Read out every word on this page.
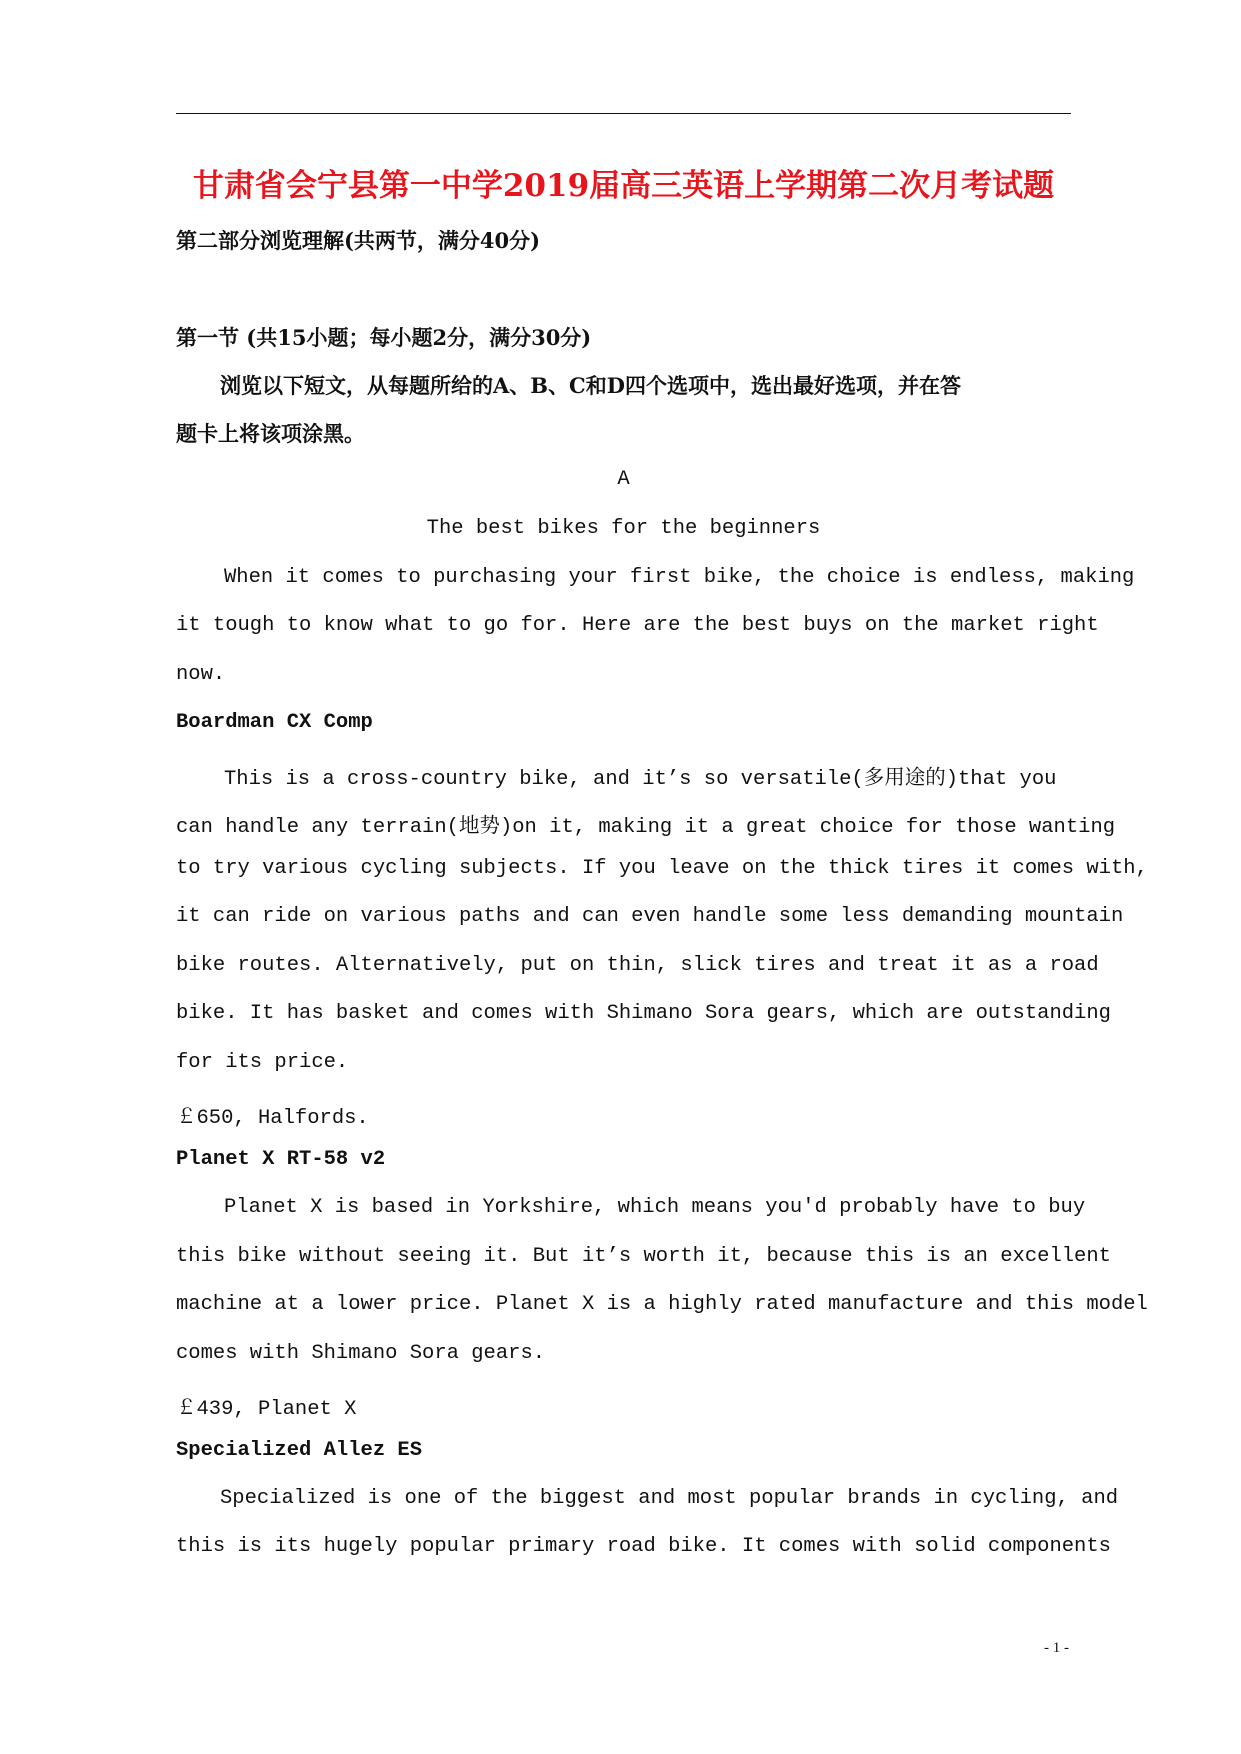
甘肃省会宁县第一中学2019届高三英语上学期第二次月考试题
第二部分浏览理解(共两节，满分40分)
第一节 (共15小题；每小题2分，满分30分)
浏览以下短文，从每题所给的A、B、C和D四个选项中，选出最好选项，并在答
题卡上将该项涂黑。
A
The best bikes for the beginners
When it comes to purchasing your first bike, the choice is endless, making
it tough to know what to go for. Here are the best buys on the market right
now.
Boardman CX Comp
This is a cross-country bike, and it’s so versatile(多用途的)that you
can handle any terrain(地势)on it, making it a great choice for those wanting
to try various cycling subjects. If you leave on the thick tires it comes with,
it can ride on various paths and can even handle some less demanding mountain
bike routes. Alternatively, put on thin, slick tires and treat it as a road
bike. It has basket and comes with Shimano Sora gears, which are outstanding
for its price.
￡650, Halfords.
Planet X RT-58 v2
Planet X is based in Yorkshire, which means you'd probably have to buy
this bike without seeing it. But it’s worth it, because this is an excellent
machine at a lower price. Planet X is a highly rated manufacture and this model
comes with Shimano Sora gears.
￡439, Planet X
Specialized Allez ES
Specialized is one of the biggest and most popular brands in cycling, and
this is its hugely popular primary road bike. It comes with solid components
- 1 -
